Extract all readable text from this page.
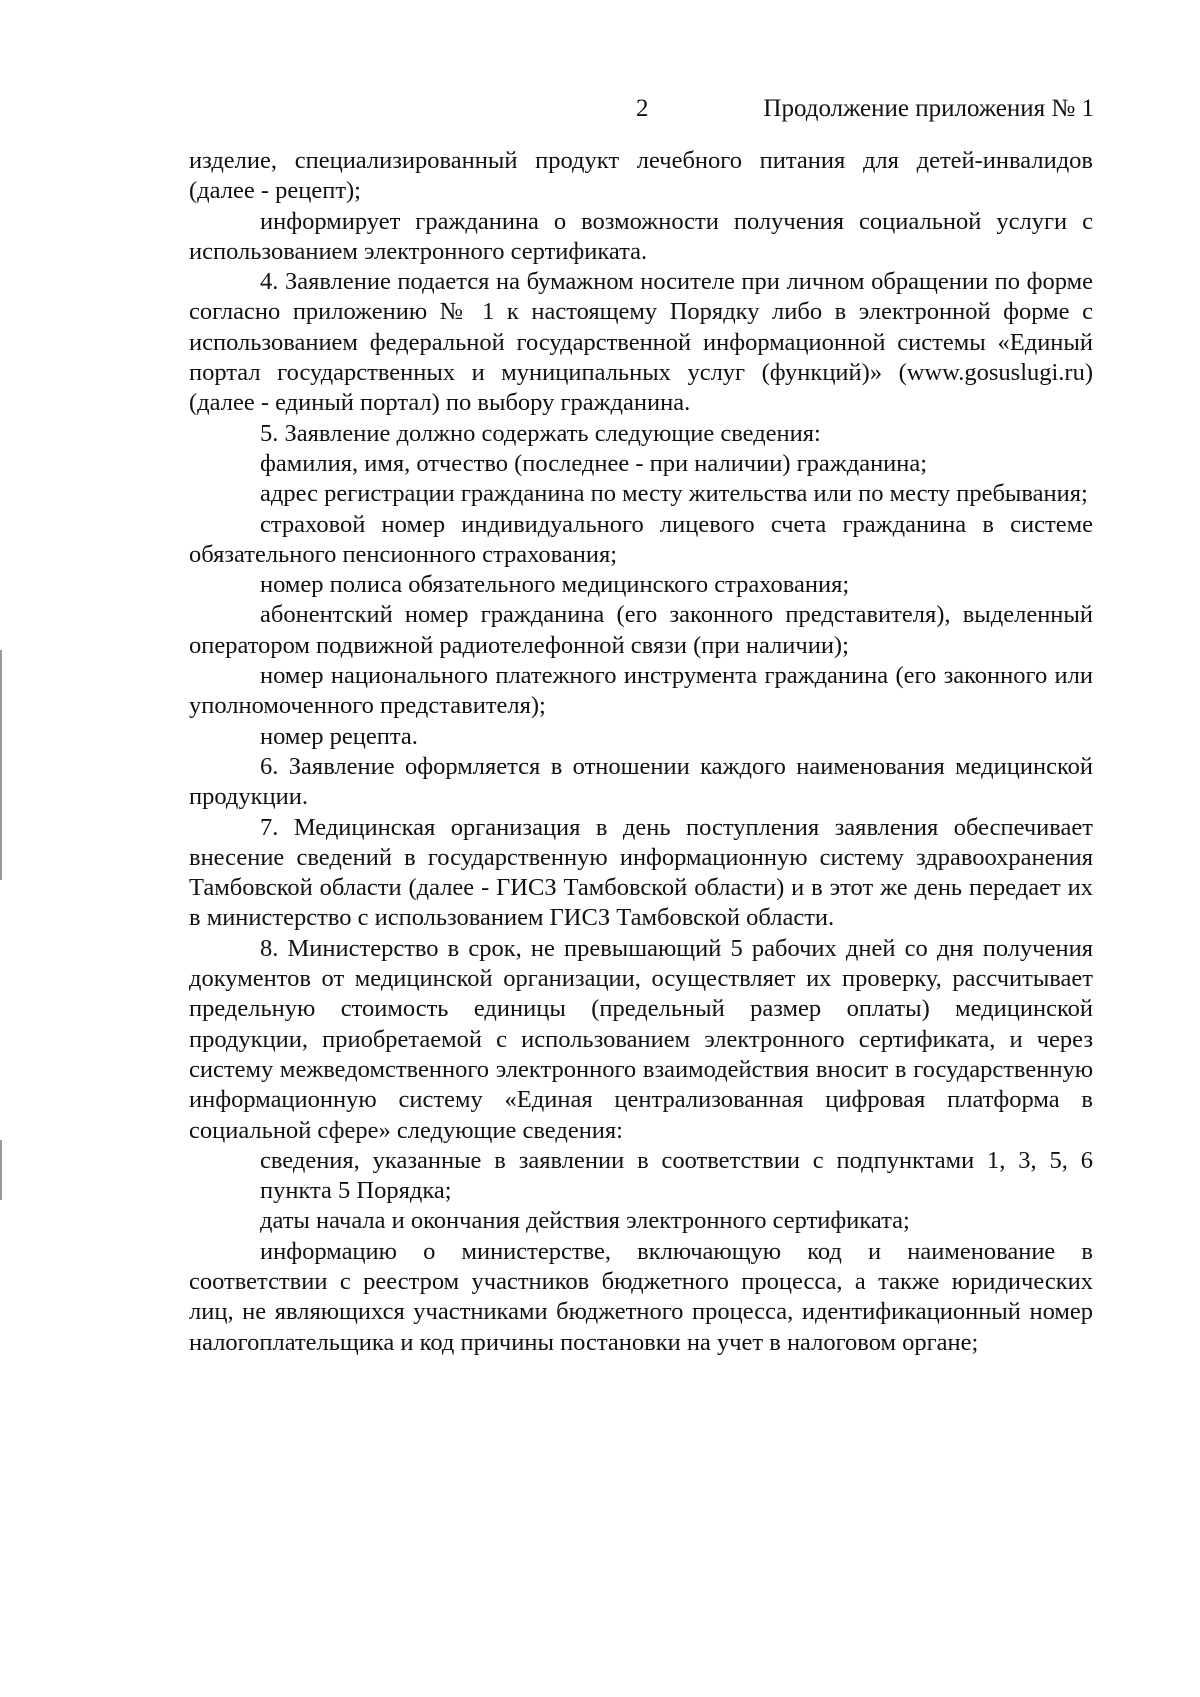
2	Продолжение приложения № 1

изделие, специализированный продукт лечебного питания для детей-инвалидов (далее - рецепт);

информирует гражданина о возможности получения социальной услуги с использованием электронного сертификата.

4. Заявление подается на бумажном носителе при личном обращении по форме согласно приложению № 1 к настоящему Порядку либо в электронной форме с использованием федеральной государственной информационной системы «Единый портал государственных и муниципальных услуг (функций)» (www.gosuslugi.ru) (далее - единый портал) по выбору гражданина.

5. Заявление должно содержать следующие сведения:

фамилия, имя, отчество (последнее - при наличии) гражданина;

адрес регистрации гражданина по месту жительства или по месту пребывания;

страховой номер индивидуального лицевого счета гражданина в системе обязательного пенсионного страхования;

номер полиса обязательного медицинского страхования;

абонентский номер гражданина (его законного представителя), выделенный оператором подвижной радиотелефонной связи (при наличии);

номер национального платежного инструмента гражданина (его законного или уполномоченного представителя);

номер рецепта.

6. Заявление оформляется в отношении каждого наименования медицинской продукции.

7. Медицинская организация в день поступления заявления обеспечивает внесение сведений в государственную информационную систему здравоохранения Тамбовской области (далее - ГИСЗ Тамбовской области) и в этот же день передает их в министерство с использованием ГИСЗ Тамбовской области.

8. Министерство в срок, не превышающий 5 рабочих дней со дня получения документов от медицинской организации, осуществляет их проверку, рассчитывает предельную стоимость единицы (предельный размер оплаты) медицинской продукции, приобретаемой с использованием электронного сертификата, и через систему межведомственного электронного взаимодействия вносит в государственную информационную систему «Единая централизованная цифровая платформа в социальной сфере» следующие сведения:

сведения, указанные в заявлении в соответствии с подпунктами 1, 3, 5, 6 пункта 5 Порядка;

даты начала и окончания действия электронного сертификата;

информацию о министерстве, включающую код и наименование в соответствии с реестром участников бюджетного процесса, а также юридических лиц, не являющихся участниками бюджетного процесса, идентификационный номер налогоплательщика и код причины постановки на учет в налоговом органе;
